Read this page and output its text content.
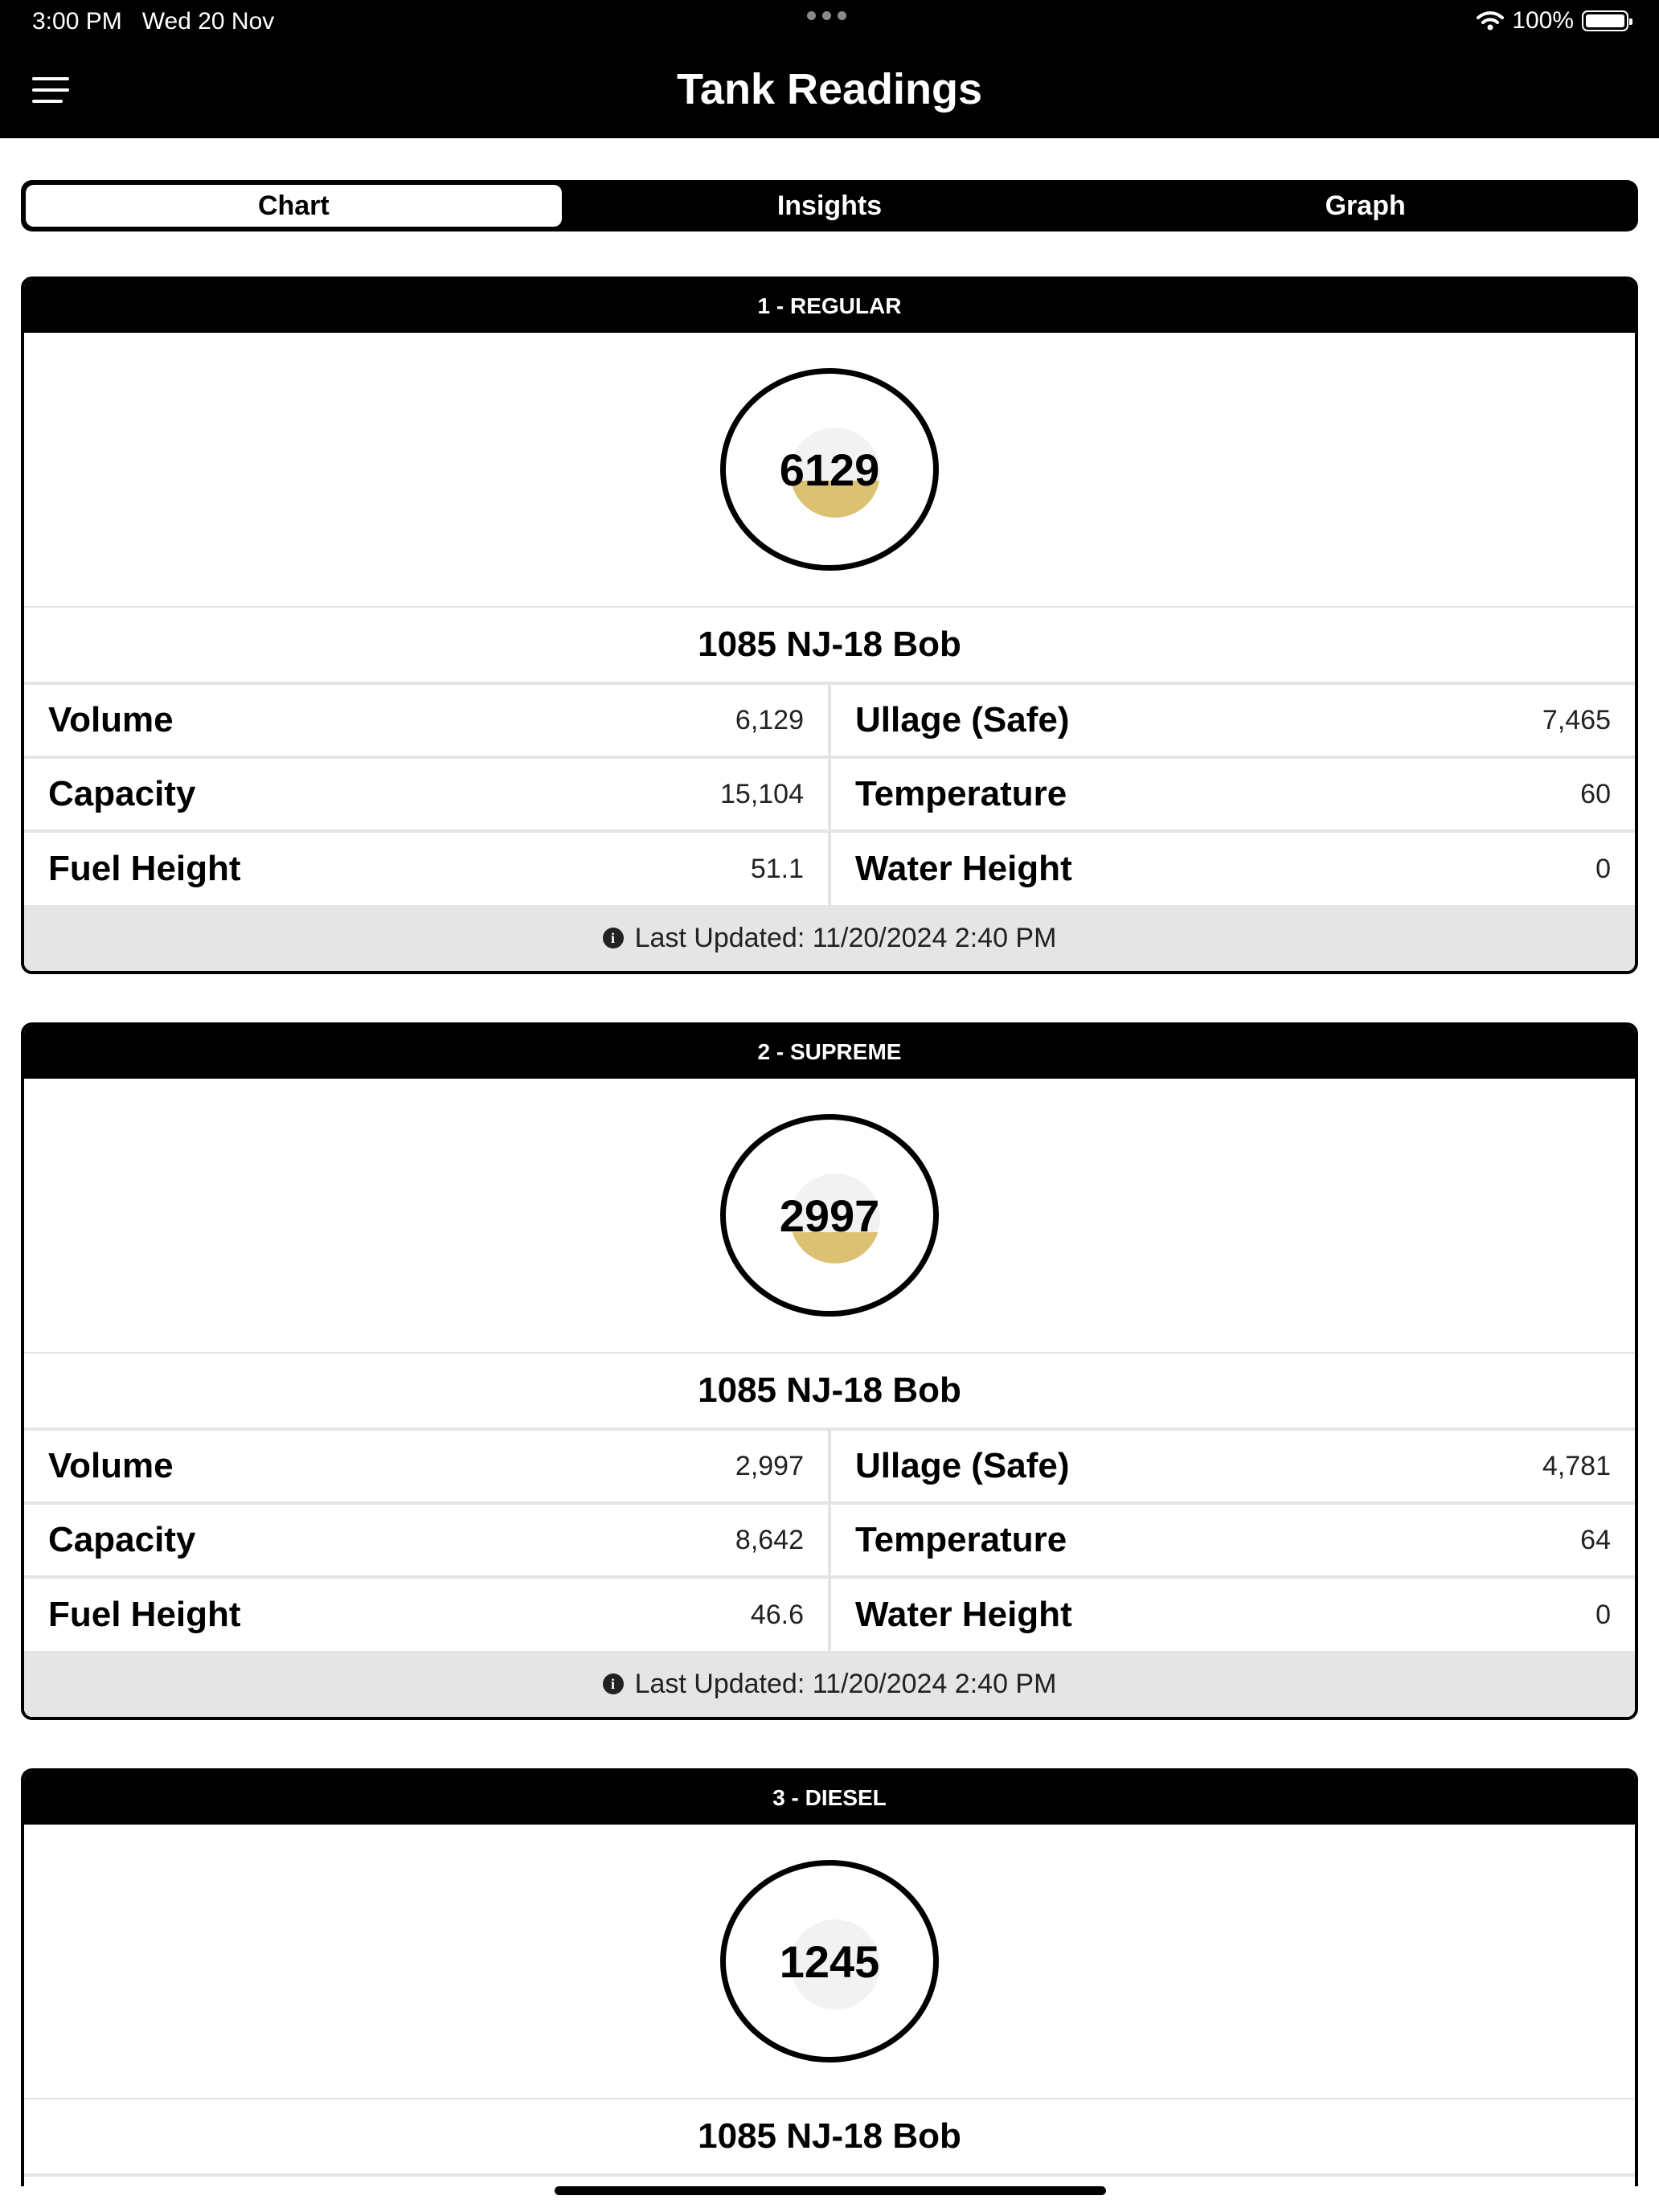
3:00 PM Wed 20 Nov	100%
Tank Readings
Chart	Insights	Graph
1 - REGULAR
6129
1085 NJ-18 Bob
Volume	6,129 Ullage (Safe)	7,465
Capacity	15,104 Temperature	60
Fuel Height	51.1 Water Height	0
i Last Updated: 11/20/2024 2:40 PM
2 - SUPREME
2997
1085 NJ-18 Bob
Volume	2,997 Ullage (Safe)	4,781
Capacity	8,642 Temperature	64
Fuel Height	46.6 Water Height	0
i Last Updated: 11/20/2024 2:40 PM
3 - DIESEL
1245
1085 NJ-18 Bob
